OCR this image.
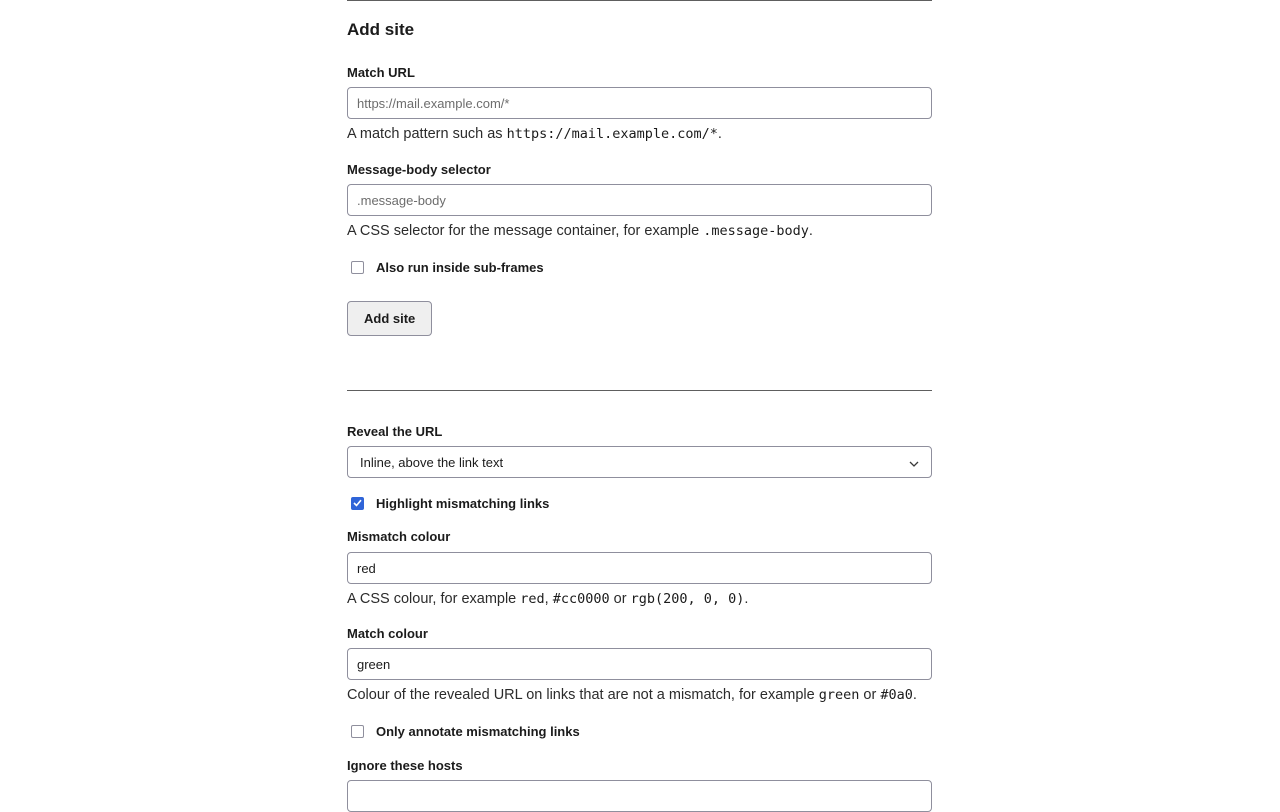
Add site
Match URL
https://mail.example.com/*
A match pattern such as https://mail.example.com/*.
Message-body selector
.message-body
A CSS selector for the message container, for example .message-body.
Also run inside sub-frames
Add site
Reveal the URL
Inline, above the link text
Highlight mismatching links
Mismatch colour
red
A CSS colour, for example red, #cc0000 or rgb(200, 0, 0).
Match colour
green
Colour of the revealed URL on links that are not a mismatch, for example green or #0a0.
Only annotate mismatching links
Ignore these hosts
